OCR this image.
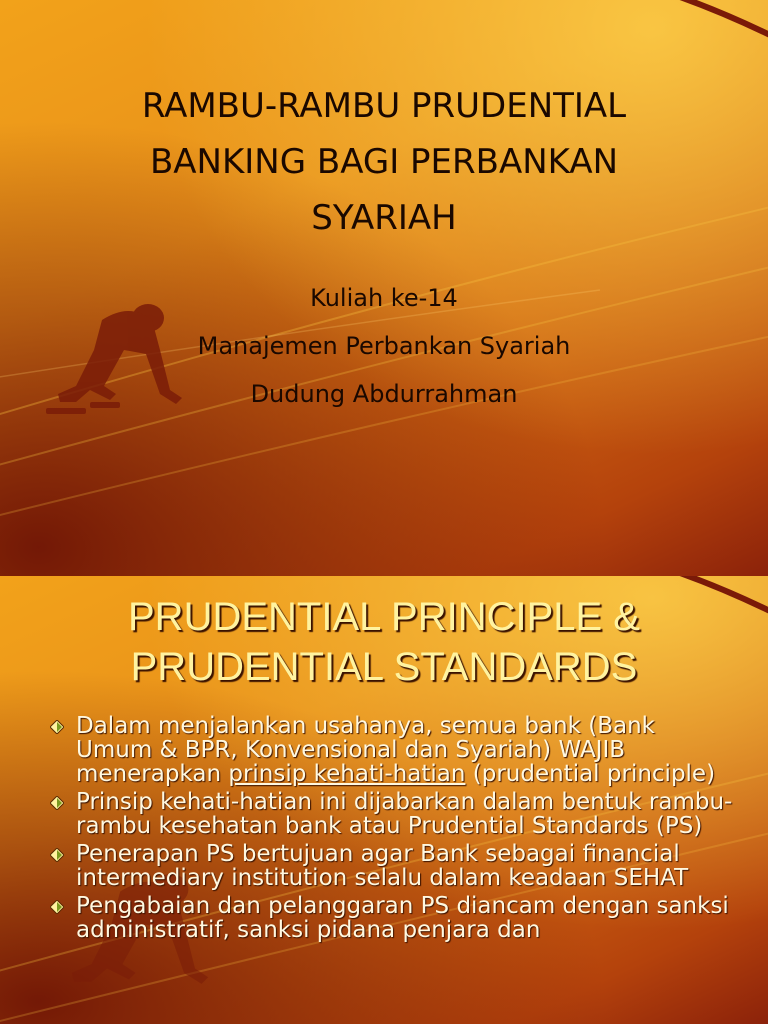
RAMBU-RAMBU PRUDENTIAL
BANKING BAGI PERBANKAN
SYARIAH
Kuliah ke-14
Manajemen Perbankan Syariah
Dudung Abdurrahman
PRUDENTIAL PRINCIPLE &
PRUDENTIAL STANDARDS
Dalam menjalankan usahanya, semua bank (Bank Umum & BPR, Konvensional dan Syariah) WAJIB menerapkan prinsip kehati-hatian (prudential principle)
Prinsip kehati-hatian ini dijabarkan dalam bentuk rambu-rambu kesehatan bank atau Prudential Standards (PS)
Penerapan PS bertujuan agar Bank sebagai financial intermediary institution selalu dalam keadaan SEHAT
Pengabaian dan pelanggaran PS diancam dengan sanksi administratif, sanksi pidana penjara dan
